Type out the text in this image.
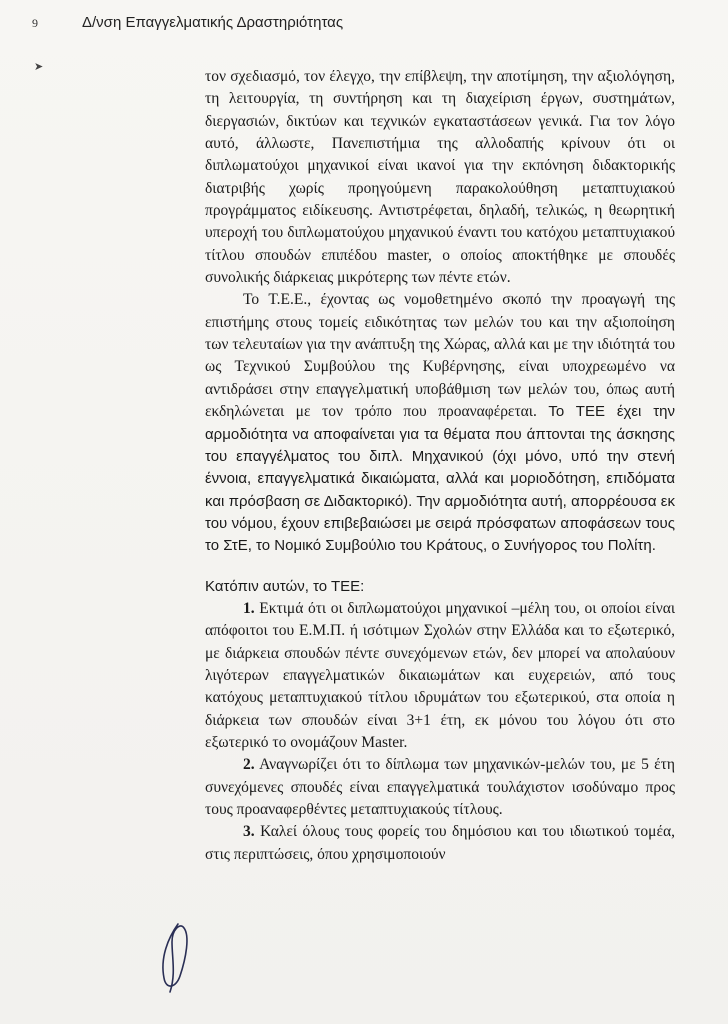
9	Δ/νση Επαγγελματικής Δραστηριότητας
➤

τον σχεδιασμό, τον έλεγχο, την επίβλεψη, την αποτίμηση, την αξιολόγηση, τη λειτουργία, τη συντήρηση και τη διαχείριση έργων, συστημάτων, διεργασιών, δικτύων και τεχνικών εγκαταστάσεων γενικά. Για τον λόγο αυτό, άλλωστε, Πανεπιστήμια της αλλοδαπής κρίνουν ότι οι διπλωματούχοι μηχανικοί είναι ικανοί για την εκπόνηση διδακτορικής διατριβής χωρίς προηγούμενη παρακολούθηση μεταπτυχιακού προγράμματος ειδίκευσης. Αντιστρέφεται, δηλαδή, τελικώς, η θεωρητική υπεροχή του διπλωματούχου μηχανικού έναντι του κατόχου μεταπτυχιακού τίτλου σπουδών επιπέδου master, ο οποίος αποκτήθηκε με σπουδές συνολικής διάρκειας μικρότερης των πέντε ετών.

Το Τ.Ε.Ε., έχοντας ως νομοθετημένο σκοπό την προαγωγή της επιστήμης στους τομείς ειδικότητας των μελών του και την αξιοποίηση των τελευταίων για την ανάπτυξη της Χώρας, αλλά και με την ιδιότητά του ως Τεχνικού Συμβούλου της Κυβέρνησης, είναι υποχρεωμένο να αντιδράσει στην επαγγελματική υποβάθμιση των μελών του, όπως αυτή εκδηλώνεται με τον τρόπο που προαναφέρεται. Το ΤΕΕ έχει την αρμοδιότητα να αποφαίνεται για τα θέματα που άπτονται της άσκησης του επαγγέλματος του διπλ. Μηχανικού (όχι μόνο, υπό την στενή έννοια, επαγγελματικά δικαιώματα, αλλά και μοριοδότηση, επιδόματα και πρόσβαση σε Διδακτορικό). Την αρμοδιότητα αυτή, απορρέουσα εκ του νόμου, έχουν επιβεβαιώσει με σειρά πρόσφατων αποφάσεων τους το ΣτΕ, το Νομικό Συμβούλιο του Κράτους, ο Συνήγορος του Πολίτη.

Κατόπιν αυτών, το ΤΕΕ:

1. Εκτιμά ότι οι διπλωματούχοι μηχανικοί –μέλη του, οι οποίοι είναι απόφοιτοι του Ε.Μ.Π. ή ισότιμων Σχολών στην Ελλάδα και το εξωτερικό, με διάρκεια σπουδών πέντε συνεχόμενων ετών, δεν μπορεί να απολαύουν λιγότερων επαγγελματικών δικαιωμάτων και ευχερειών, από τους κατόχους μεταπτυχιακού τίτλου ιδρυμάτων του εξωτερικού, στα οποία η διάρκεια των σπουδών είναι 3+1 έτη, εκ μόνου του λόγου ότι στο εξωτερικό το ονομάζουν Master.

2. Αναγνωρίζει ότι το δίπλωμα των μηχανικών-μελών του, με 5 έτη συνεχόμενες σπουδές είναι επαγγελματικά τουλάχιστον ισοδύναμο προς τους προαναφερθέντες μεταπτυχιακούς τίτλους.

3. Καλεί όλους τους φορείς του δημόσιου και του ιδιωτικού τομέα, στις περιπτώσεις, όπου χρησιμοποιούν
